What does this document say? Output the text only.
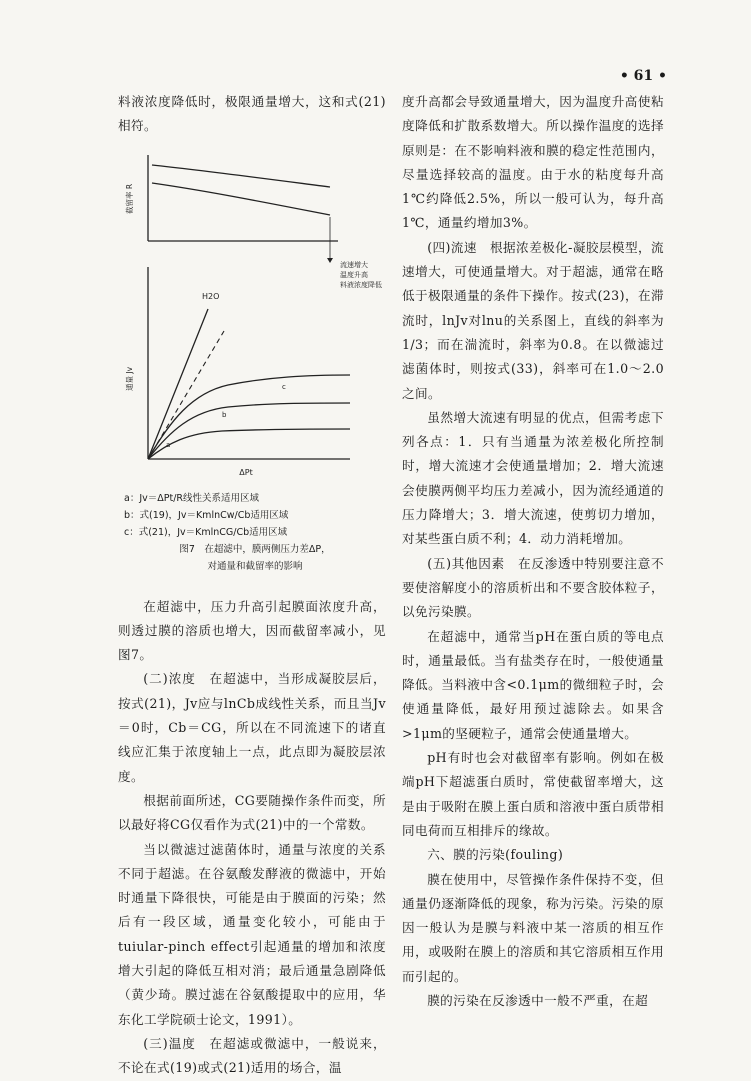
• 61 •

料液浓度降低时，极限通量增大，这和式(21)相符。

截留率 R
流速增大
温度升高
料液浓度降低
通量 Jv
ΔPt
H2O
c
b
a
a：Jv＝ΔPt/R线性关系适用区域
b：式(19)，Jv＝KmlnCw/Cb适用区域
c：式(21)，Jv＝KmlnCG/Cb适用区域
图7　在超滤中，膜两侧压力差ΔP，
对通量和截留率的影响

在超滤中，压力升高引起膜面浓度升高，则透过膜的溶质也增大，因而截留率减小，见图7。

(二)浓度　在超滤中，当形成凝胶层后，按式(21)，Jv应与lnCb成线性关系，而且当Jv＝0时，Cb＝CG，所以在不同流速下的诸直线应汇集于浓度轴上一点，此点即为凝胶层浓度。

根据前面所述，CG要随操作条件而变，所以最好将CG仅看作为式(21)中的一个常数。

当以微滤过滤菌体时，通量与浓度的关系不同于超滤。在谷氨酸发酵液的微滤中，开始时通量下降很快，可能是由于膜面的污染；然后有一段区域，通量变化较小，可能由于tuiular-pinch effect引起通量的增加和浓度增大引起的降低互相对消；最后通量急剧降低（黄少琦。膜过滤在谷氨酸提取中的应用，华东化工学院硕士论文，1991）。

(三)温度　在超滤或微滤中，一般说来，不论在式(19)或式(21)适用的场合，温

度升高都会导致通量增大，因为温度升高使粘度降低和扩散系数增大。所以操作温度的选择原则是：在不影响料液和膜的稳定性范围内，尽量选择较高的温度。由于水的粘度每升高1℃约降低2.5%，所以一般可认为，每升高1℃，通量约增加3%。

(四)流速　根据浓差极化-凝胶层模型，流速增大，可使通量增大。对于超滤，通常在略低于极限通量的条件下操作。按式(23)，在滞流时，lnJv对lnu的关系图上，直线的斜率为1/3；而在湍流时，斜率为0.8。在以微滤过滤菌体时，则按式(33)，斜率可在1.0～2.0之间。

虽然增大流速有明显的优点，但需考虑下列各点：1．只有当通量为浓差极化所控制时，增大流速才会使通量增加；2．增大流速会使膜两侧平均压力差减小，因为流经通道的压力降增大；3．增大流速，使剪切力增加，对某些蛋白质不利；4．动力消耗增加。

(五)其他因素　在反渗透中特别要注意不要使溶解度小的溶质析出和不要含胶体粒子，以免污染膜。

在超滤中，通常当pH在蛋白质的等电点时，通量最低。当有盐类存在时，一般使通量降低。当料液中含<0.1μm的微细粒子时，会使通量降低，最好用预过滤除去。如果含>1μm的坚硬粒子，通常会使通量增大。

pH有时也会对截留率有影响。例如在极端pH下超滤蛋白质时，常使截留率增大，这是由于吸附在膜上蛋白质和溶液中蛋白质带相同电荷而互相排斥的缘故。

六、膜的污染(fouling)

膜在使用中，尽管操作条件保持不变，但通量仍逐渐降低的现象，称为污染。污染的原因一般认为是膜与料液中某一溶质的相互作用，或吸附在膜上的溶质和其它溶质相互作用而引起的。

膜的污染在反渗透中一般不严重，在超
